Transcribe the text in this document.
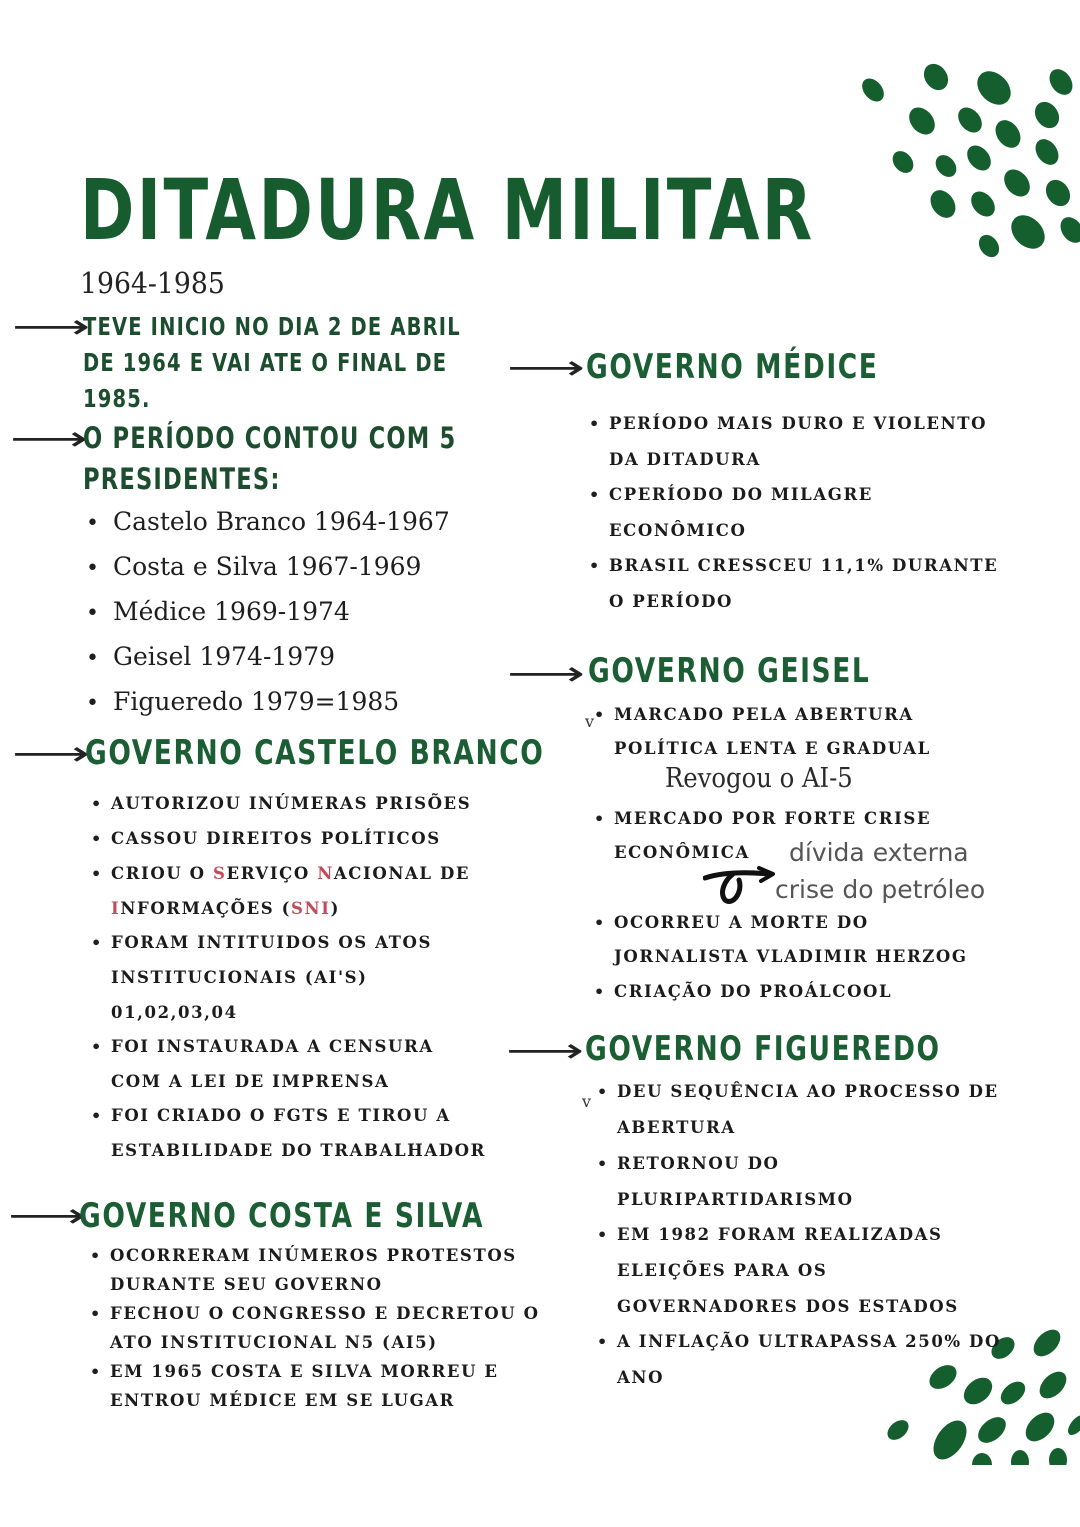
DITADURA MILITAR
1964-1985
⟶
TEVE INICIO NO DIA 2 DE ABRIL
DE 1964 E VAI ATE O FINAL DE
1985.
⟶
O PERÍODO CONTOU COM 5
PRESIDENTES:
• Castelo Branco 1964-1967
• Costa e Silva 1967-1969
• Médice 1969-1974
• Geisel 1974-1979
• Figueredo 1979=1985
⟶
GOVERNO CASTELO BRANCO
• AUTORIZOU INÚMERAS PRISÕES
• CASSOU DIREITOS POLÍTICOS
• CRIOU O SERVIÇO NACIONAL DE
INFORMAÇÕES (SNI)
• FORAM INTITUIDOS OS ATOS
INSTITUCIONAIS (AI'S)
01,02,03,04
• FOI INSTAURADA A CENSURA
COM A LEI DE IMPRENSA
• FOI CRIADO O FGTS E TIROU A
ESTABILIDADE DO TRABALHADOR
⟶
GOVERNO COSTA E SILVA
• OCORRERAM INÚMEROS PROTESTOS
DURANTE SEU GOVERNO
• FECHOU O CONGRESSO E DECRETOU O
ATO INSTITUCIONAL N5 (AI5)
• EM 1965 COSTA E SILVA MORREU E
ENTROU MÉDICE EM SE LUGAR
⟶ GOVERNO MÉDICE
• PERÍODO MAIS DURO E VIOLENTO
DA DITADURA
• CPERÍODO DO MILAGRE
ECONÔMICO
• BRASIL CRESSCEU 11,1% DURANTE
O PERÍODO
⟶ GOVERNO GEISEL
v • MARCADO PELA ABERTURA
POLÍTICA LENTA E GRADUAL
• MERCADO POR FORTE CRISE
ECONÔMICA
• OCORREU A MORTE DO
JORNALISTA VLADIMIR HERZOG
• CRIAÇÃO DO PROÁLCOOL
Revogou o AI-5
dívida externa
crise do petróleo
⟶ GOVERNO FIGUEREDO
v
• DEU SEQUÊNCIA AO PROCESSO DE
ABERTURA
• RETORNOU DO
PLURIPARTIDARISMO
• EM 1982 FORAM REALIZADAS
ELEIÇÕES PARA OS
GOVERNADORES DOS ESTADOS
• A INFLAÇÃO ULTRAPASSA 250% DO
ANO
